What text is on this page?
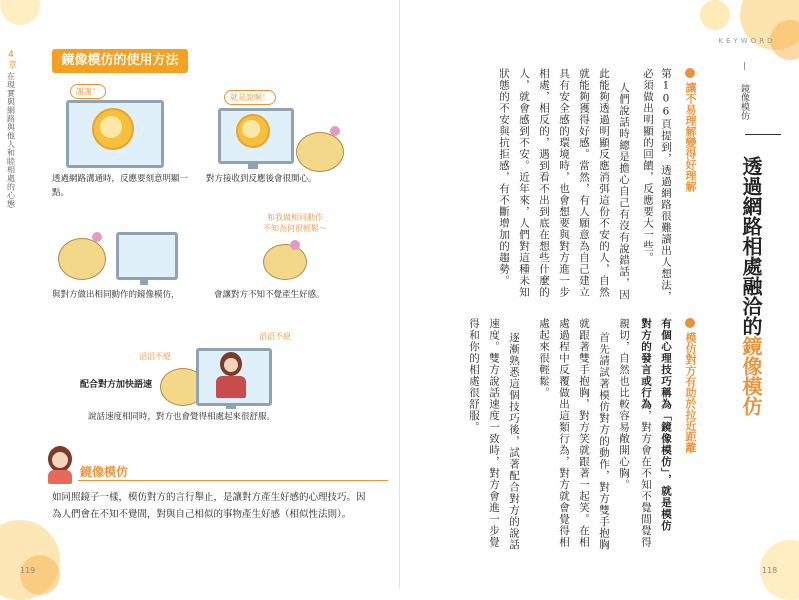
4章
在現實與網路與他人和睦相處的心態
鏡像模仿的使用方法
謝謝！
透過網路溝通時，反應要刻意明顯一點。
就是說啊！
對方接收到反應後會很開心。
和我做相同動作
不知為何很輕鬆～
與對方做出相同動作的鏡像模仿，	會讓對方不知不覺產生好感。
滔滔不絕
滔滔不絕
配合對方加快語速
說話速度相同時，對方也會覺得相處起來很舒服。
鏡像模仿
如同照鏡子一樣，模仿對方的言行舉止，是讓對方產生好感的心理技巧。因為人們會在不知不覺間，對與自己相似的事物產生好感（相似性法則）。
119
KEYWORD
鏡像模仿
透過網路相處融洽的鏡像模仿
讓不易理解變得好理解
第106頁提到，透過網路很難讀出人想法，
必須做出明顯的回饋，反應要大一些。
人們說話時總是擔心自己有沒有說錯話，因
此能夠透過明顯反應消弭這份不安的人，自然
就能夠獲得好感。當然，有人願意為自己建立
具有安全感的環境時，也會想要與對方進一步
相處，相反的，遇到看不出到底在想些什麼的
人，就會感到不安。近年來，人們對這種未知
狀態的不安與抗拒感，有不斷增加的趨勢。
模仿對方有助於拉近距離
有個心理技巧稱為「鏡像模仿」，就是模仿
對方的發言或行為，對方會在不知不覺間覺得
親切，自然也比較容易敞開心胸。
首先請試著模仿對方的動作，對方雙手抱胸
就跟著雙手抱胸，對方笑就跟著一起笑。在相
處過程中反覆做出這類行為，對方就會覺得相
處起來很輕鬆。
逐漸熟悉這個技巧後，試著配合對方的說話
速度。雙方說話速度一致時，對方會進一步覺
得和你的相處很舒服。
118
